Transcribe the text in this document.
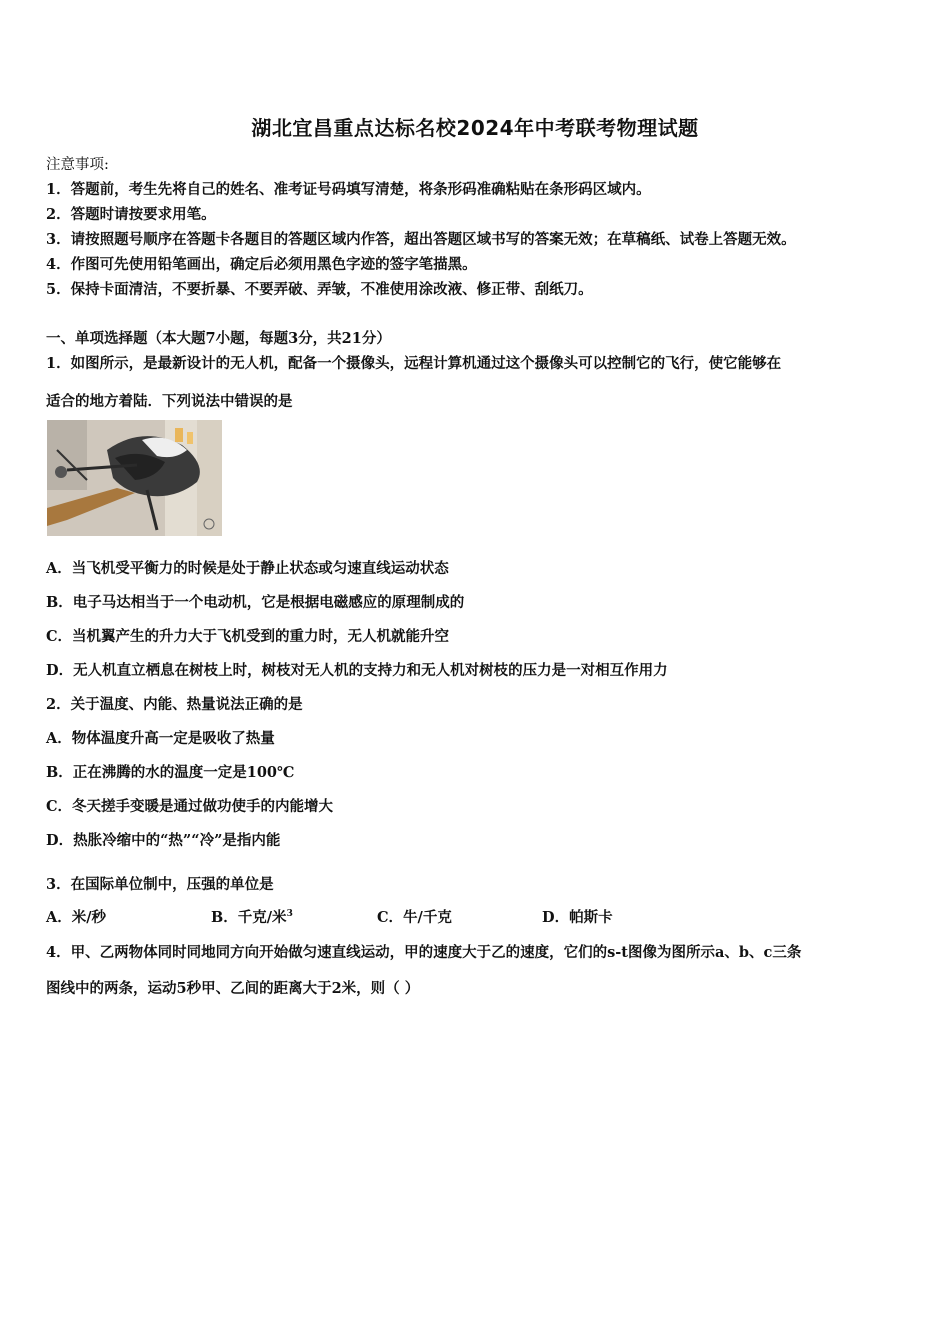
湖北宜昌重点达标名校2024年中考联考物理试题
注意事项:
1．答题前，考生先将自己的姓名、准考证号码填写清楚，将条形码准确粘贴在条形码区域内。
2．答题时请按要求用笔。
3．请按照题号顺序在答题卡各题目的答题区域内作答，超出答题区域书写的答案无效；在草稿纸、试卷上答题无效。
4．作图可先使用铅笔画出，确定后必须用黑色字迹的签字笔描黑。
5．保持卡面清洁，不要折暴、不要弄破、弄皱，不准使用涂改液、修正带、刮纸刀。
一、单项选择题（本大题7小题，每题3分，共21分）
1．如图所示，是最新设计的无人机，配备一个摄像头，远程计算机通过这个摄像头可以控制它的飞行，使它能够在
适合的地方着陆．下列说法中错误的是
A．当飞机受平衡力的时候是处于静止状态或匀速直线运动状态
B．电子马达相当于一个电动机，它是根据电磁感应的原理制成的
C．当机翼产生的升力大于飞机受到的重力时，无人机就能升空
D．无人机直立栖息在树枝上时，树枝对无人机的支持力和无人机对树枝的压力是一对相互作用力
2．关于温度、内能、热量说法正确的是
A．物体温度升高一定是吸收了热量
B．正在沸腾的水的温度一定是100℃
C．冬天搓手变暖是通过做功使手的内能增大
D．热胀冷缩中的“热”“冷”是指内能
3．在国际单位制中，压强的单位是
A．米/秒	B．千克/米$^3$	C．牛/千克	D．帕斯卡
4．甲、乙两物体同时同地同方向开始做匀速直线运动，甲的速度大于乙的速度，它们的s-t图像为图所示a、b、c三条
图线中的两条，运动5秒甲、乙间的距离大于2米，则（ ）
